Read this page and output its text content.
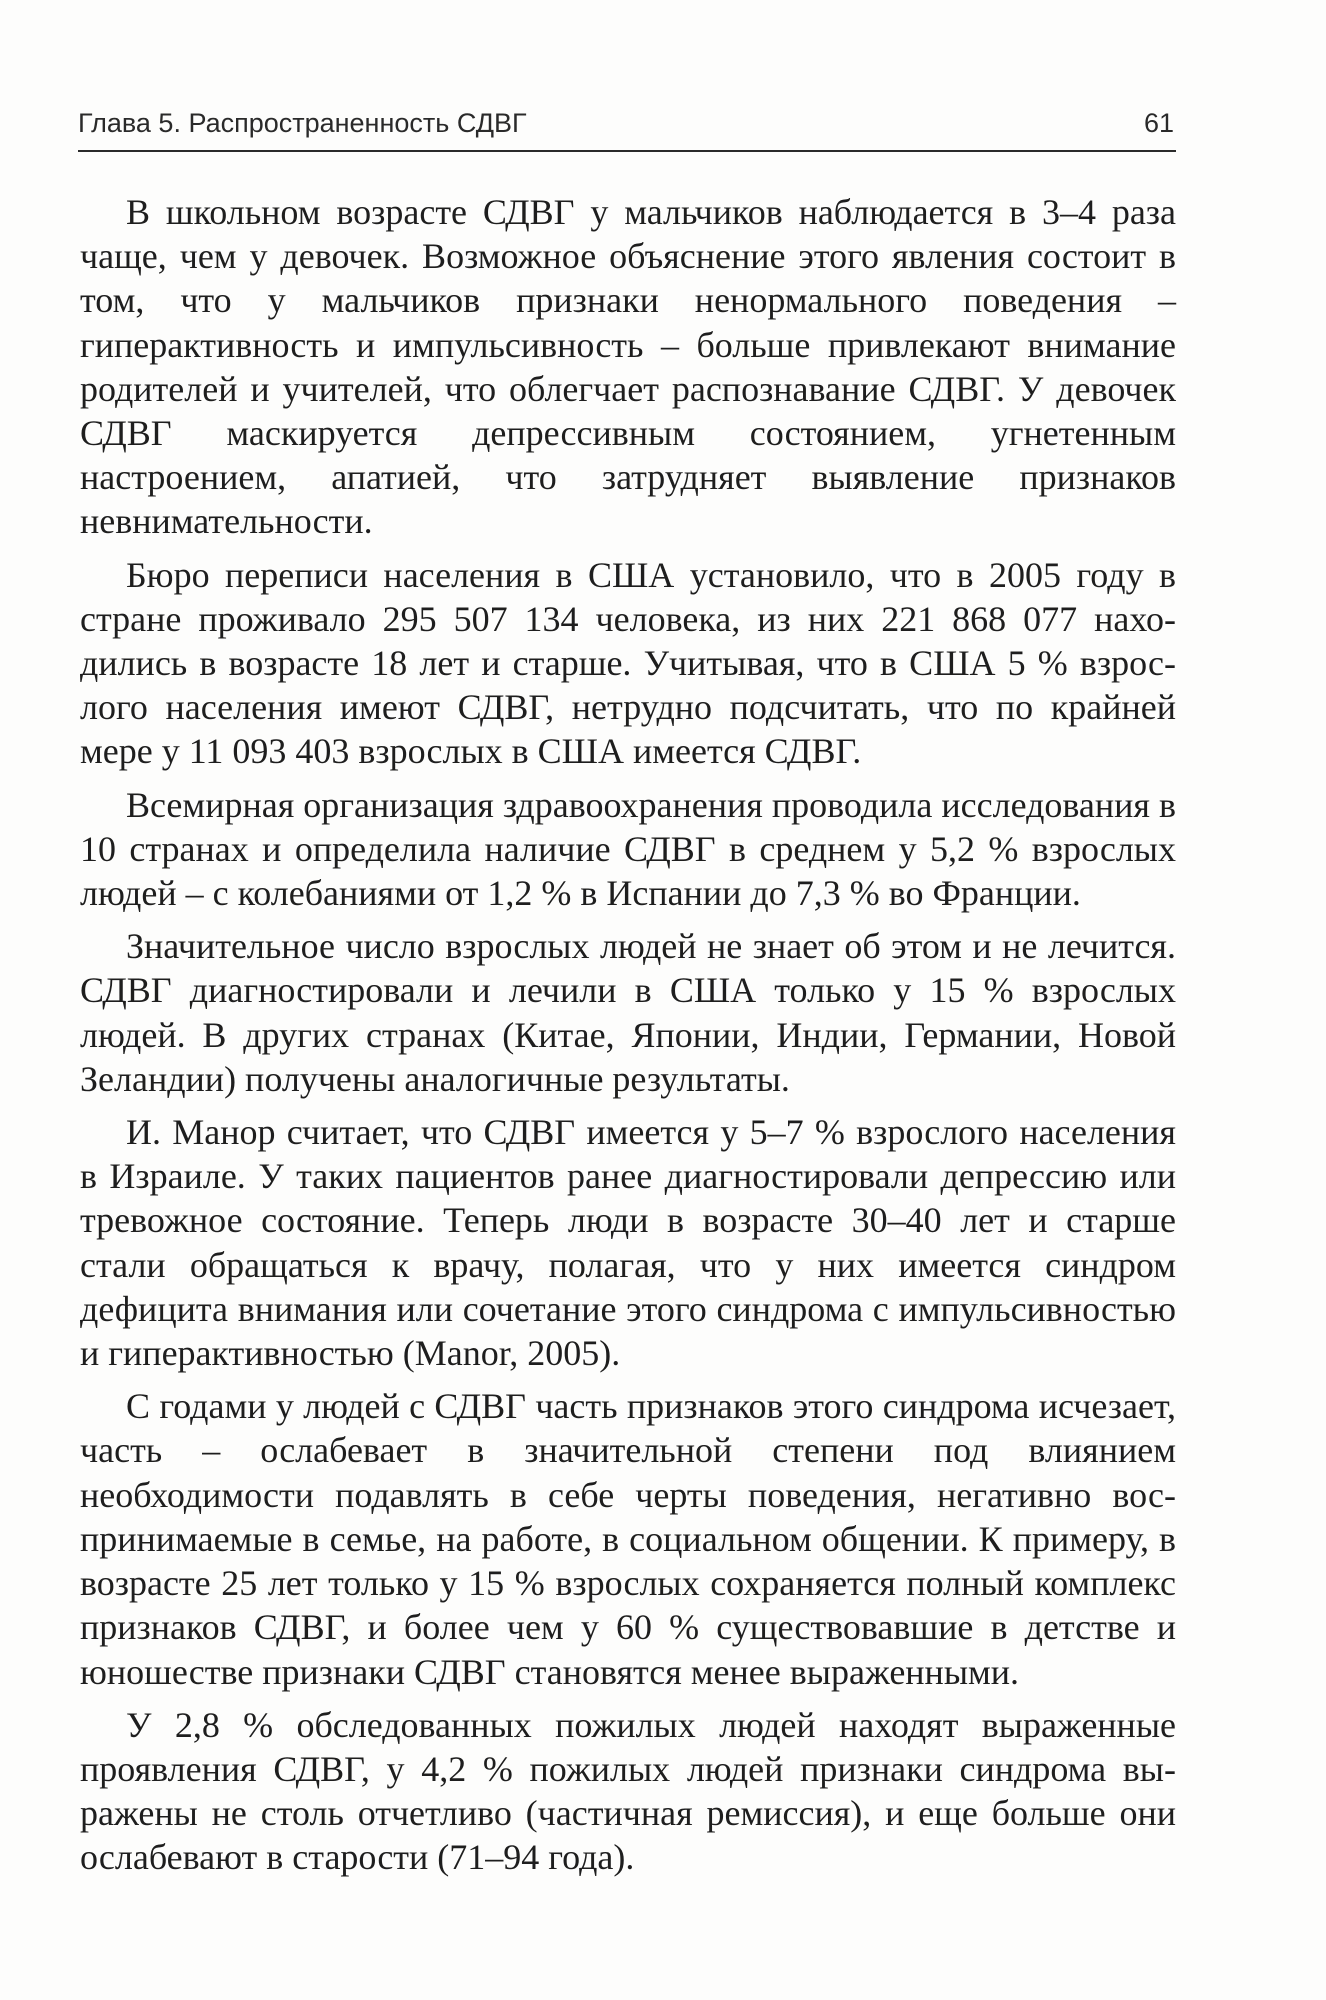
Глава 5. Распространенность СДВГ	61

В школьном возрасте СДВГ у мальчиков наблюдается в 3–4 раза чаще, чем у девочек. Возможное объяснение этого явления состоит в том, что у мальчиков признаки ненормального поведения – гиперактивность и импульсивность – больше привлекают внимание родителей и учителей, что облегчает распознавание СДВГ. У девочек СДВГ маскируется депрессивным состоянием, угнетенным настроением, апатией, что затрудняет выявление признаков невнимательности.

Бюро переписи населения в США установило, что в 2005 году в стране проживало 295 507 134 человека, из них 221 868 077 находились в возрасте 18 лет и старше. Учитывая, что в США 5 % взрослого населения имеют СДВГ, нетрудно подсчитать, что по крайней мере у 11 093 403 взрослых в США имеется СДВГ.

Всемирная организация здравоохранения проводила исследования в 10 странах и определила наличие СДВГ в среднем у 5,2 % взрослых людей – с колебаниями от 1,2 % в Испании до 7,3 % во Франции.

Значительное число взрослых людей не знает об этом и не лечится. СДВГ диагностировали и лечили в США только у 15 % взрослых людей. В других странах (Китае, Японии, Индии, Германии, Новой Зеландии) получены аналогичные результаты.

И. Манор считает, что СДВГ имеется у 5–7 % взрослого населения в Израиле. У таких пациентов ранее диагностировали депрессию или тревожное состояние. Теперь люди в возрасте 30–40 лет и старше стали обращаться к врачу, полагая, что у них имеется синдром дефицита внимания или сочетание этого синдрома с импульсивностью и гиперактивностью (Manor, 2005).

С годами у людей с СДВГ часть признаков этого синдрома исчезает, часть – ослабевает в значительной степени под влиянием необходимости подавлять в себе черты поведения, негативно воспринимаемые в семье, на работе, в социальном общении. К примеру, в возрасте 25 лет только у 15 % взрослых сохраняется полный комплекс признаков СДВГ, и более чем у 60 % существовавшие в детстве и юношестве признаки СДВГ становятся менее выраженными.

У 2,8 % обследованных пожилых людей находят выраженные проявления СДВГ, у 4,2 % пожилых людей признаки синдрома выражены не столь отчетливо (частичная ремиссия), и еще больше они ослабевают в старости (71–94 года).
